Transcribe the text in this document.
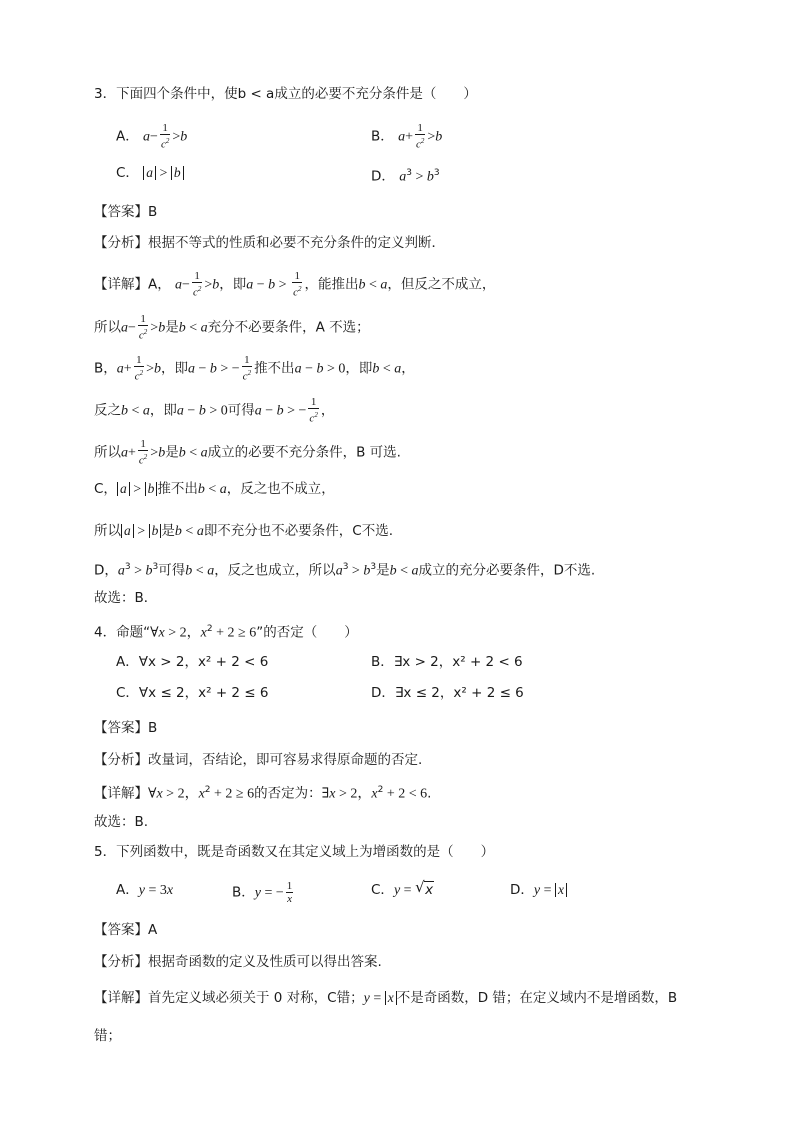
3．下面四个条件中，使b < a成立的必要不充分条件是（　　）
A． $a- \frac{1}{c^2} >b$	B． $a+ \frac{1}{c^2} >b$
C． a > b	D． $a^3 > b^3$
【答案】B
【分析】根据不等式的性质和必要不充分条件的定义判断．
【详解】A， $a- \frac{1}{c^2} >b$，即$a - b > \frac{1}{c^2}$ ，能推出b < a，但反之不成立，
所以$a- \frac{1}{c^2} >b$是b < a充分不必要条件，A 不选；
B，$a+ \frac{1}{c^2} >b$，即a − b > − $\frac{1}{c^2}$ 推不出a − b > 0，即b < a，
反之b < a，即a − b > 0可得a − b > − $\frac{1}{c^2}$ ，
所以$a+ \frac{1}{c^2} >b$是b < a成立的必要不充分条件，B 可选.
C， a > b 推不出b < a，反之也不成立，
所以 a > b 是b < a即不充分也不必要条件，C不选.
D，$a^3 > b^3$可得b < a，反之也成立，所以$a^3 > b^3$是b < a成立的充分必要条件，D不选.
故选：B．
4．命题“∀x > 2，$x^2 + 2 \ge 6$”的否定（　　）
A．∀x > 2，x² + 2 < 6	B．∃x > 2，x² + 2 < 6
C．∀x ≤ 2，x² + 2 ≤ 6	D．∃x ≤ 2，x² + 2 ≤ 6
【答案】B
【分析】改量词，否结论，即可容易求得原命题的否定.
【详解】∀x > 2，$x^2 + 2 \ge 6$的否定为：∃x > 2，$x^2 + 2 < 6$.
故选：B.
5．下列函数中，既是奇函数又在其定义域上为增函数的是（　　）
A．y = 3x	B．y = − $\frac{1}{x}$	C．y = √ x	D．y = x
【答案】A
【分析】根据奇函数的定义及性质可以得出答案.
【详解】首先定义域必须关于 0 对称，C错；y = x 不是奇函数，D 错；在定义域内不是增函数，B
错；
